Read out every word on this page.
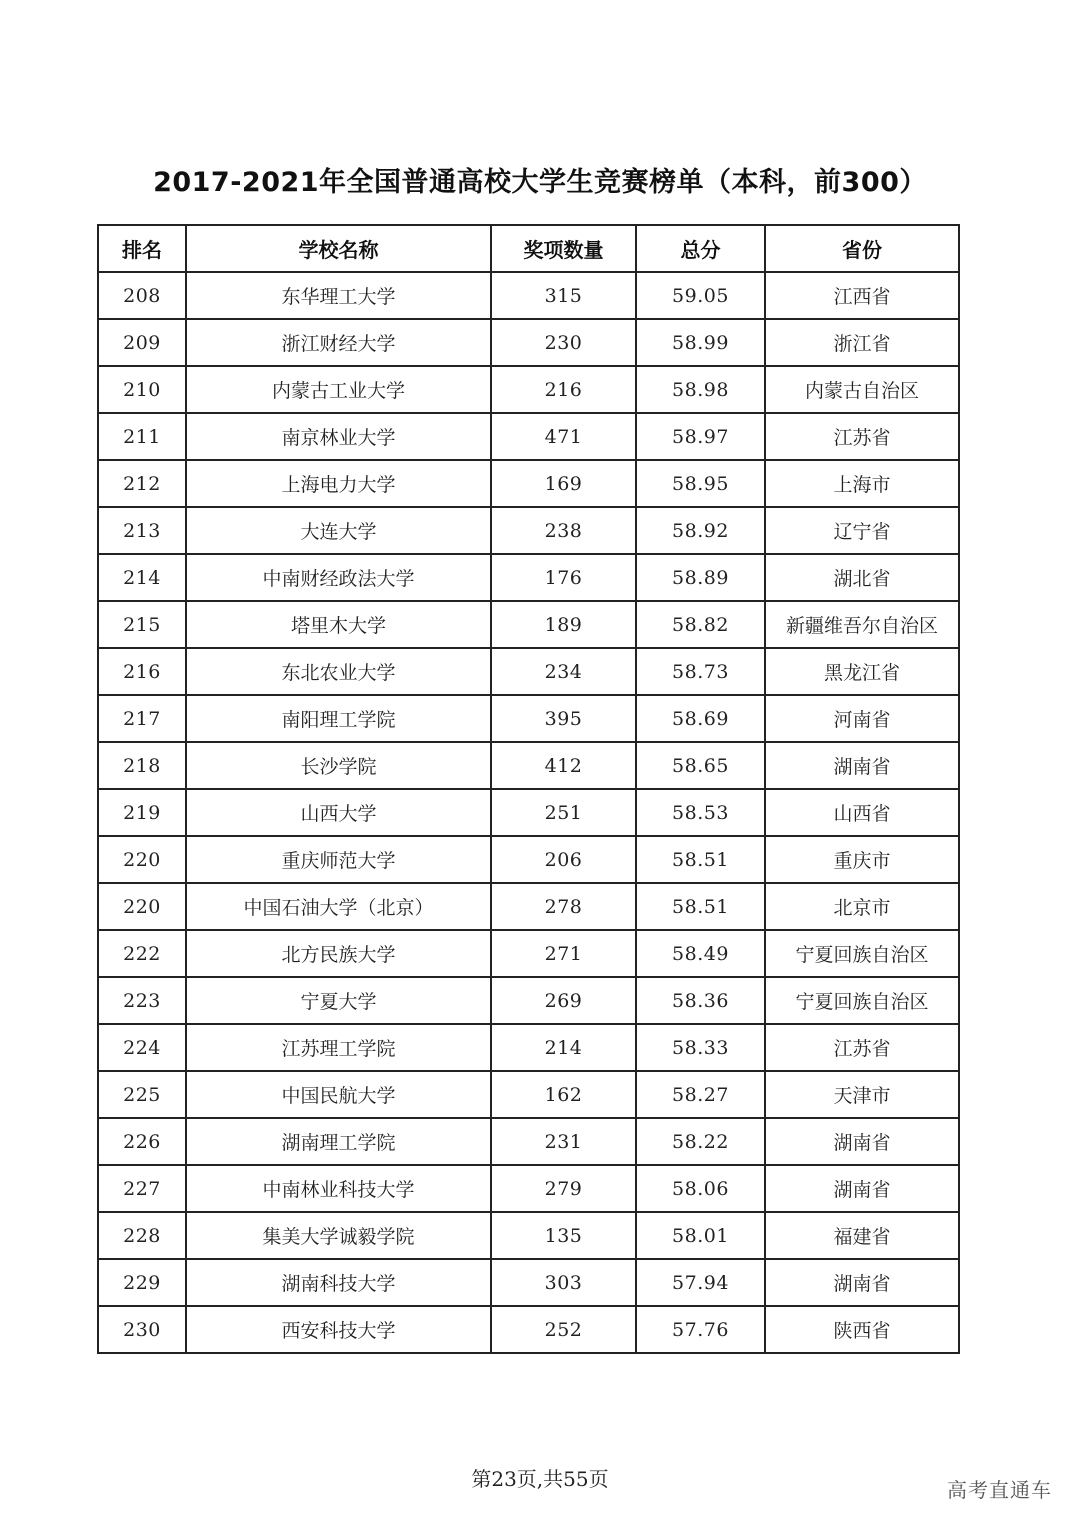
2017-2021年全国普通高校大学生竞赛榜单（本科，前300）
排名	学校名称	奖项数量	总分	省份
208	东华理工大学	315	59.05	江西省
209	浙江财经大学	230	58.99	浙江省
210	内蒙古工业大学	216	58.98	内蒙古自治区
211	南京林业大学	471	58.97	江苏省
212	上海电力大学	169	58.95	上海市
213	大连大学	238	58.92	辽宁省
214	中南财经政法大学	176	58.89	湖北省
215	塔里木大学	189	58.82	新疆维吾尔自治区
216	东北农业大学	234	58.73	黑龙江省
217	南阳理工学院	395	58.69	河南省
218	长沙学院	412	58.65	湖南省
219	山西大学	251	58.53	山西省
220	重庆师范大学	206	58.51	重庆市
220	中国石油大学（北京）	278	58.51	北京市
222	北方民族大学	271	58.49	宁夏回族自治区
223	宁夏大学	269	58.36	宁夏回族自治区
224	江苏理工学院	214	58.33	江苏省
225	中国民航大学	162	58.27	天津市
226	湖南理工学院	231	58.22	湖南省
227	中南林业科技大学	279	58.06	湖南省
228	集美大学诚毅学院	135	58.01	福建省
229	湖南科技大学	303	57.94	湖南省
230	西安科技大学	252	57.76	陕西省
第23页,共55页	高考直通车
